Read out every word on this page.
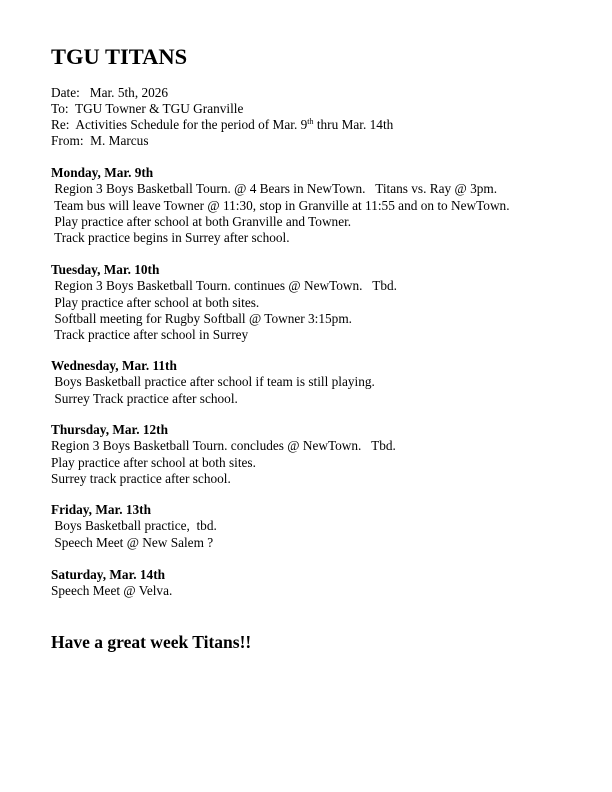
TGU TITANS
Date:   Mar. 5th, 2026
To:  TGU Towner & TGU Granville
Re:  Activities Schedule for the period of Mar. 9th thru Mar. 14th
From:  M. Marcus
Monday, Mar. 9th
Region 3 Boys Basketball Tourn. @ 4 Bears in NewTown.   Titans vs. Ray @ 3pm.
Team bus will leave Towner @ 11:30, stop in Granville at 11:55 and on to NewTown.
Play practice after school at both Granville and Towner.
Track practice begins in Surrey after school.
Tuesday, Mar. 10th
Region 3 Boys Basketball Tourn. continues @ NewTown.   Tbd.
Play practice after school at both sites.
Softball meeting for Rugby Softball @ Towner 3:15pm.
Track practice after school in Surrey
Wednesday, Mar. 11th
Boys Basketball practice after school if team is still playing.
Surrey Track practice after school.
Thursday, Mar. 12th
Region 3 Boys Basketball Tourn. concludes @ NewTown.   Tbd.
Play practice after school at both sites.
Surrey track practice after school.
Friday, Mar. 13th
Boys Basketball practice,  tbd.
Speech Meet @ New Salem ?
Saturday, Mar. 14th
Speech Meet @ Velva.
Have a great week Titans!!
